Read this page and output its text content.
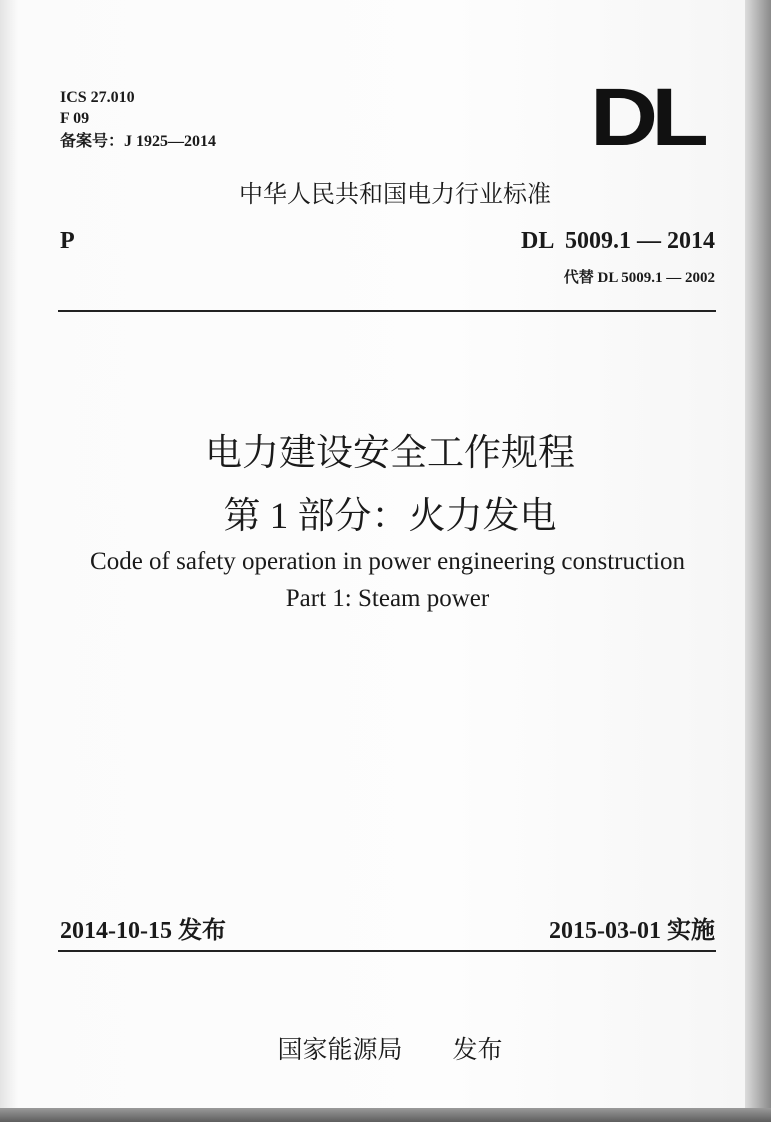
ICS 27.010
F 09
备案号：J 1925—2014	DL
中华人民共和国电力行业标准
P	DL  5009.1 — 2014
代替 DL 5009.1 — 2002
电力建设安全工作规程
第 1 部分：火力发电
Code of safety operation in power engineering construction
Part 1: Steam power
2014-10-15 发布	2015-03-01 实施
国家能源局　　发布
